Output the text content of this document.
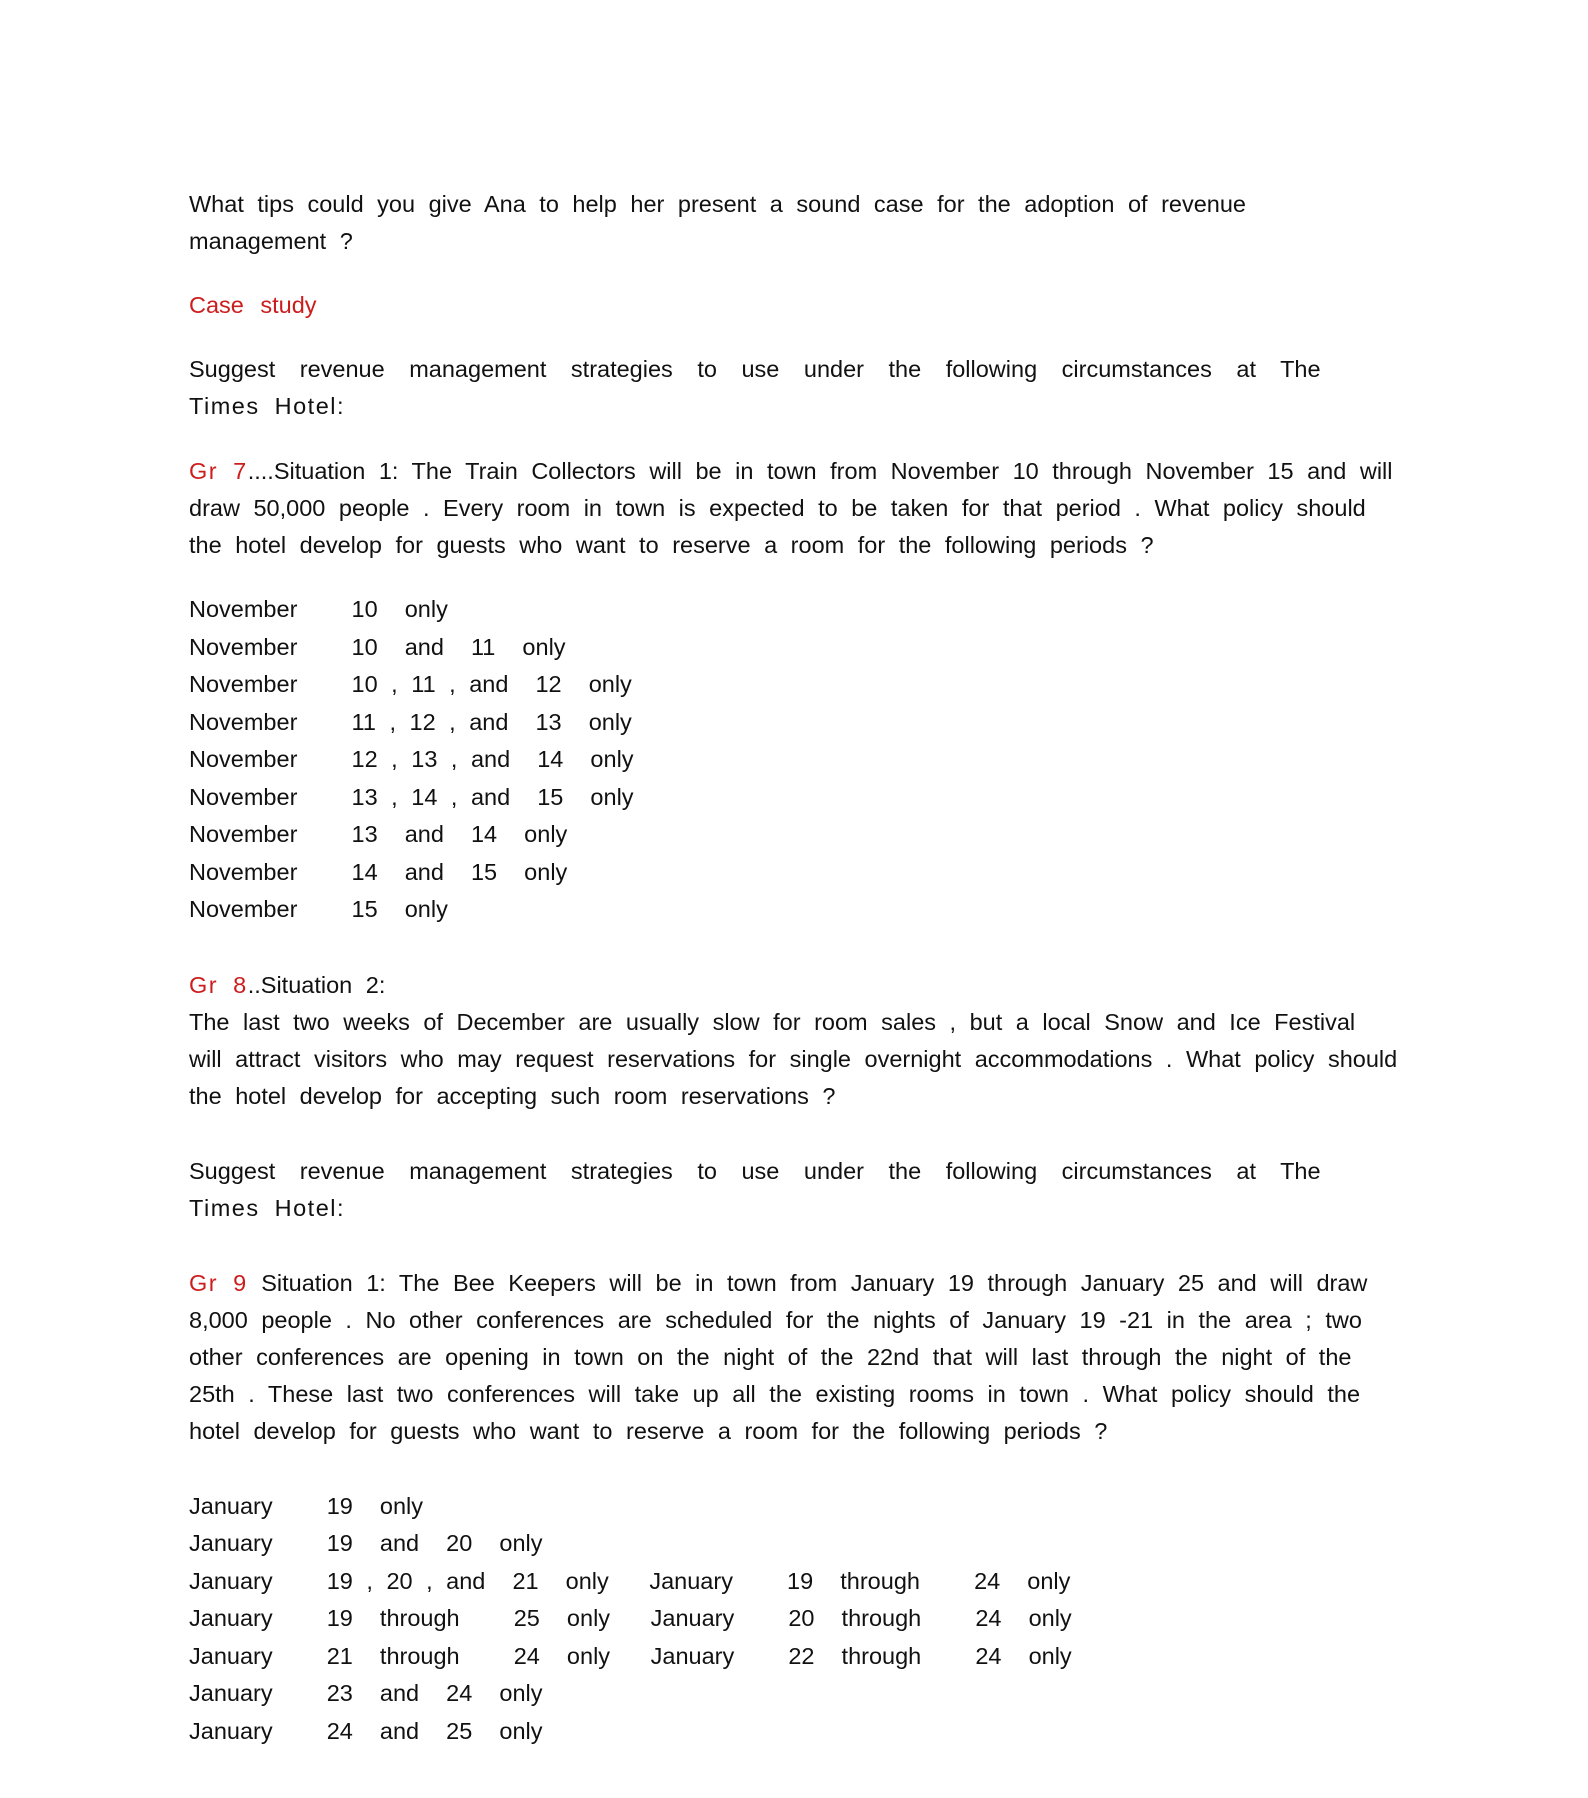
What tips could you give Ana to help her present a sound case for the adoption of revenue management ?

Case study

Suggest revenue management strategies to use under the following circumstances at The
Times Hotel:

Gr 7....Situation 1: The Train Collectors will be in town from November 10 through November 15 and will draw 50,000 people . Every room in town is expected to be taken for that period . What policy should the hotel develop for guests who want to reserve a room for the following periods ?

November    10  only

November    10  and  11  only

November    10 , 11 , and  12  only

November    11 , 12 , and  13  only

November    12 , 13 , and  14  only

November    13 , 14 , and  15  only

November    13  and  14  only

November    14  and  15  only

November    15  only

Gr 8..Situation 2:
The last two weeks of December are usually slow for room sales , but a local Snow and Ice Festival will attract visitors who may request reservations for single overnight accommodations . What policy should the hotel develop for accepting such room reservations ?

Suggest revenue management strategies to use under the following circumstances at The
Times Hotel:

Gr 9 Situation 1: The Bee Keepers will be in town from January 19 through January 25 and will draw 8,000 people . No other conferences are scheduled for the nights of January 19 -21 in the area ; two other conferences are opening in town on the night of the 22nd that will last through the night of the 25th . These last two conferences will take up all the existing rooms in town . What policy should the hotel develop for guests who want to reserve a room for the following periods ?

January    19  only

January    19  and  20  only

January    19 , 20 , and  21  only   January    19  through    24  only

January    19  through    25  only   January    20  through    24  only

January    21  through    24  only   January    22  through    24  only

January    23  and  24  only

January    24  and  25  only
